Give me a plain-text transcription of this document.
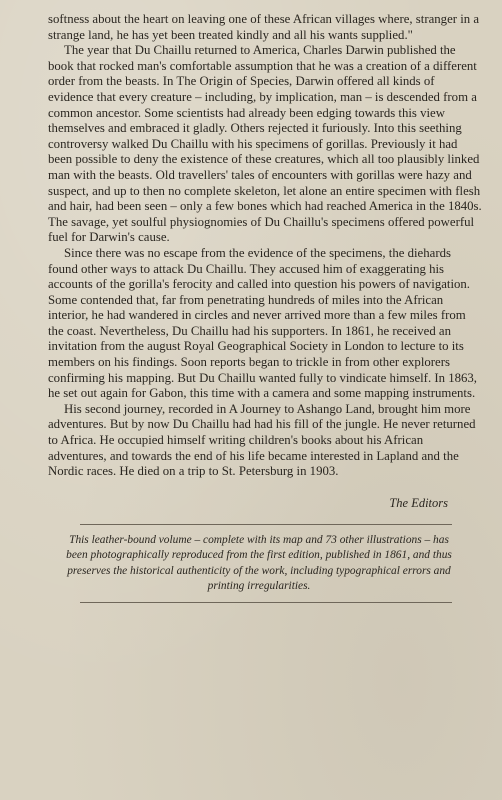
softness about the heart on leaving one of these African villages where, stranger in a strange land, he has yet been treated kindly and all his wants supplied."

The year that Du Chaillu returned to America, Charles Darwin published the book that rocked man's comfortable assumption that he was a creation of a different order from the beasts. In The Origin of Species, Darwin offered all kinds of evidence that every creature – including, by implication, man – is descended from a common ancestor. Some scientists had already been edging towards this view themselves and embraced it gladly. Others rejected it furiously. Into this seething controversy walked Du Chaillu with his specimens of gorillas. Previously it had been possible to deny the existence of these creatures, which all too plausibly linked man with the beasts. Old travellers' tales of encounters with gorillas were hazy and suspect, and up to then no complete skeleton, let alone an entire specimen with flesh and hair, had been seen – only a few bones which had reached America in the 1840s. The savage, yet soulful physiognomies of Du Chaillu's specimens offered powerful fuel for Darwin's cause.

Since there was no escape from the evidence of the specimens, the diehards found other ways to attack Du Chaillu. They accused him of exaggerating his accounts of the gorilla's ferocity and called into question his powers of navigation. Some contended that, far from penetrating hundreds of miles into the African interior, he had wandered in circles and never arrived more than a few miles from the coast. Nevertheless, Du Chaillu had his supporters. In 1861, he received an invitation from the august Royal Geographical Society in London to lecture to its members on his findings. Soon reports began to trickle in from other explorers confirming his mapping. But Du Chaillu wanted fully to vindicate himself. In 1863, he set out again for Gabon, this time with a camera and some mapping instruments.

His second journey, recorded in A Journey to Ashango Land, brought him more adventures. But by now Du Chaillu had had his fill of the jungle. He never returned to Africa. He occupied himself writing children's books about his African adventures, and towards the end of his life became interested in Lapland and the Nordic races. He died on a trip to St. Petersburg in 1903.

The Editors
This leather-bound volume – complete with its map and 73 other illustrations – has been photographically reproduced from the first edition, published in 1861, and thus preserves the historical authenticity of the work, including typographical errors and printing irregularities.
